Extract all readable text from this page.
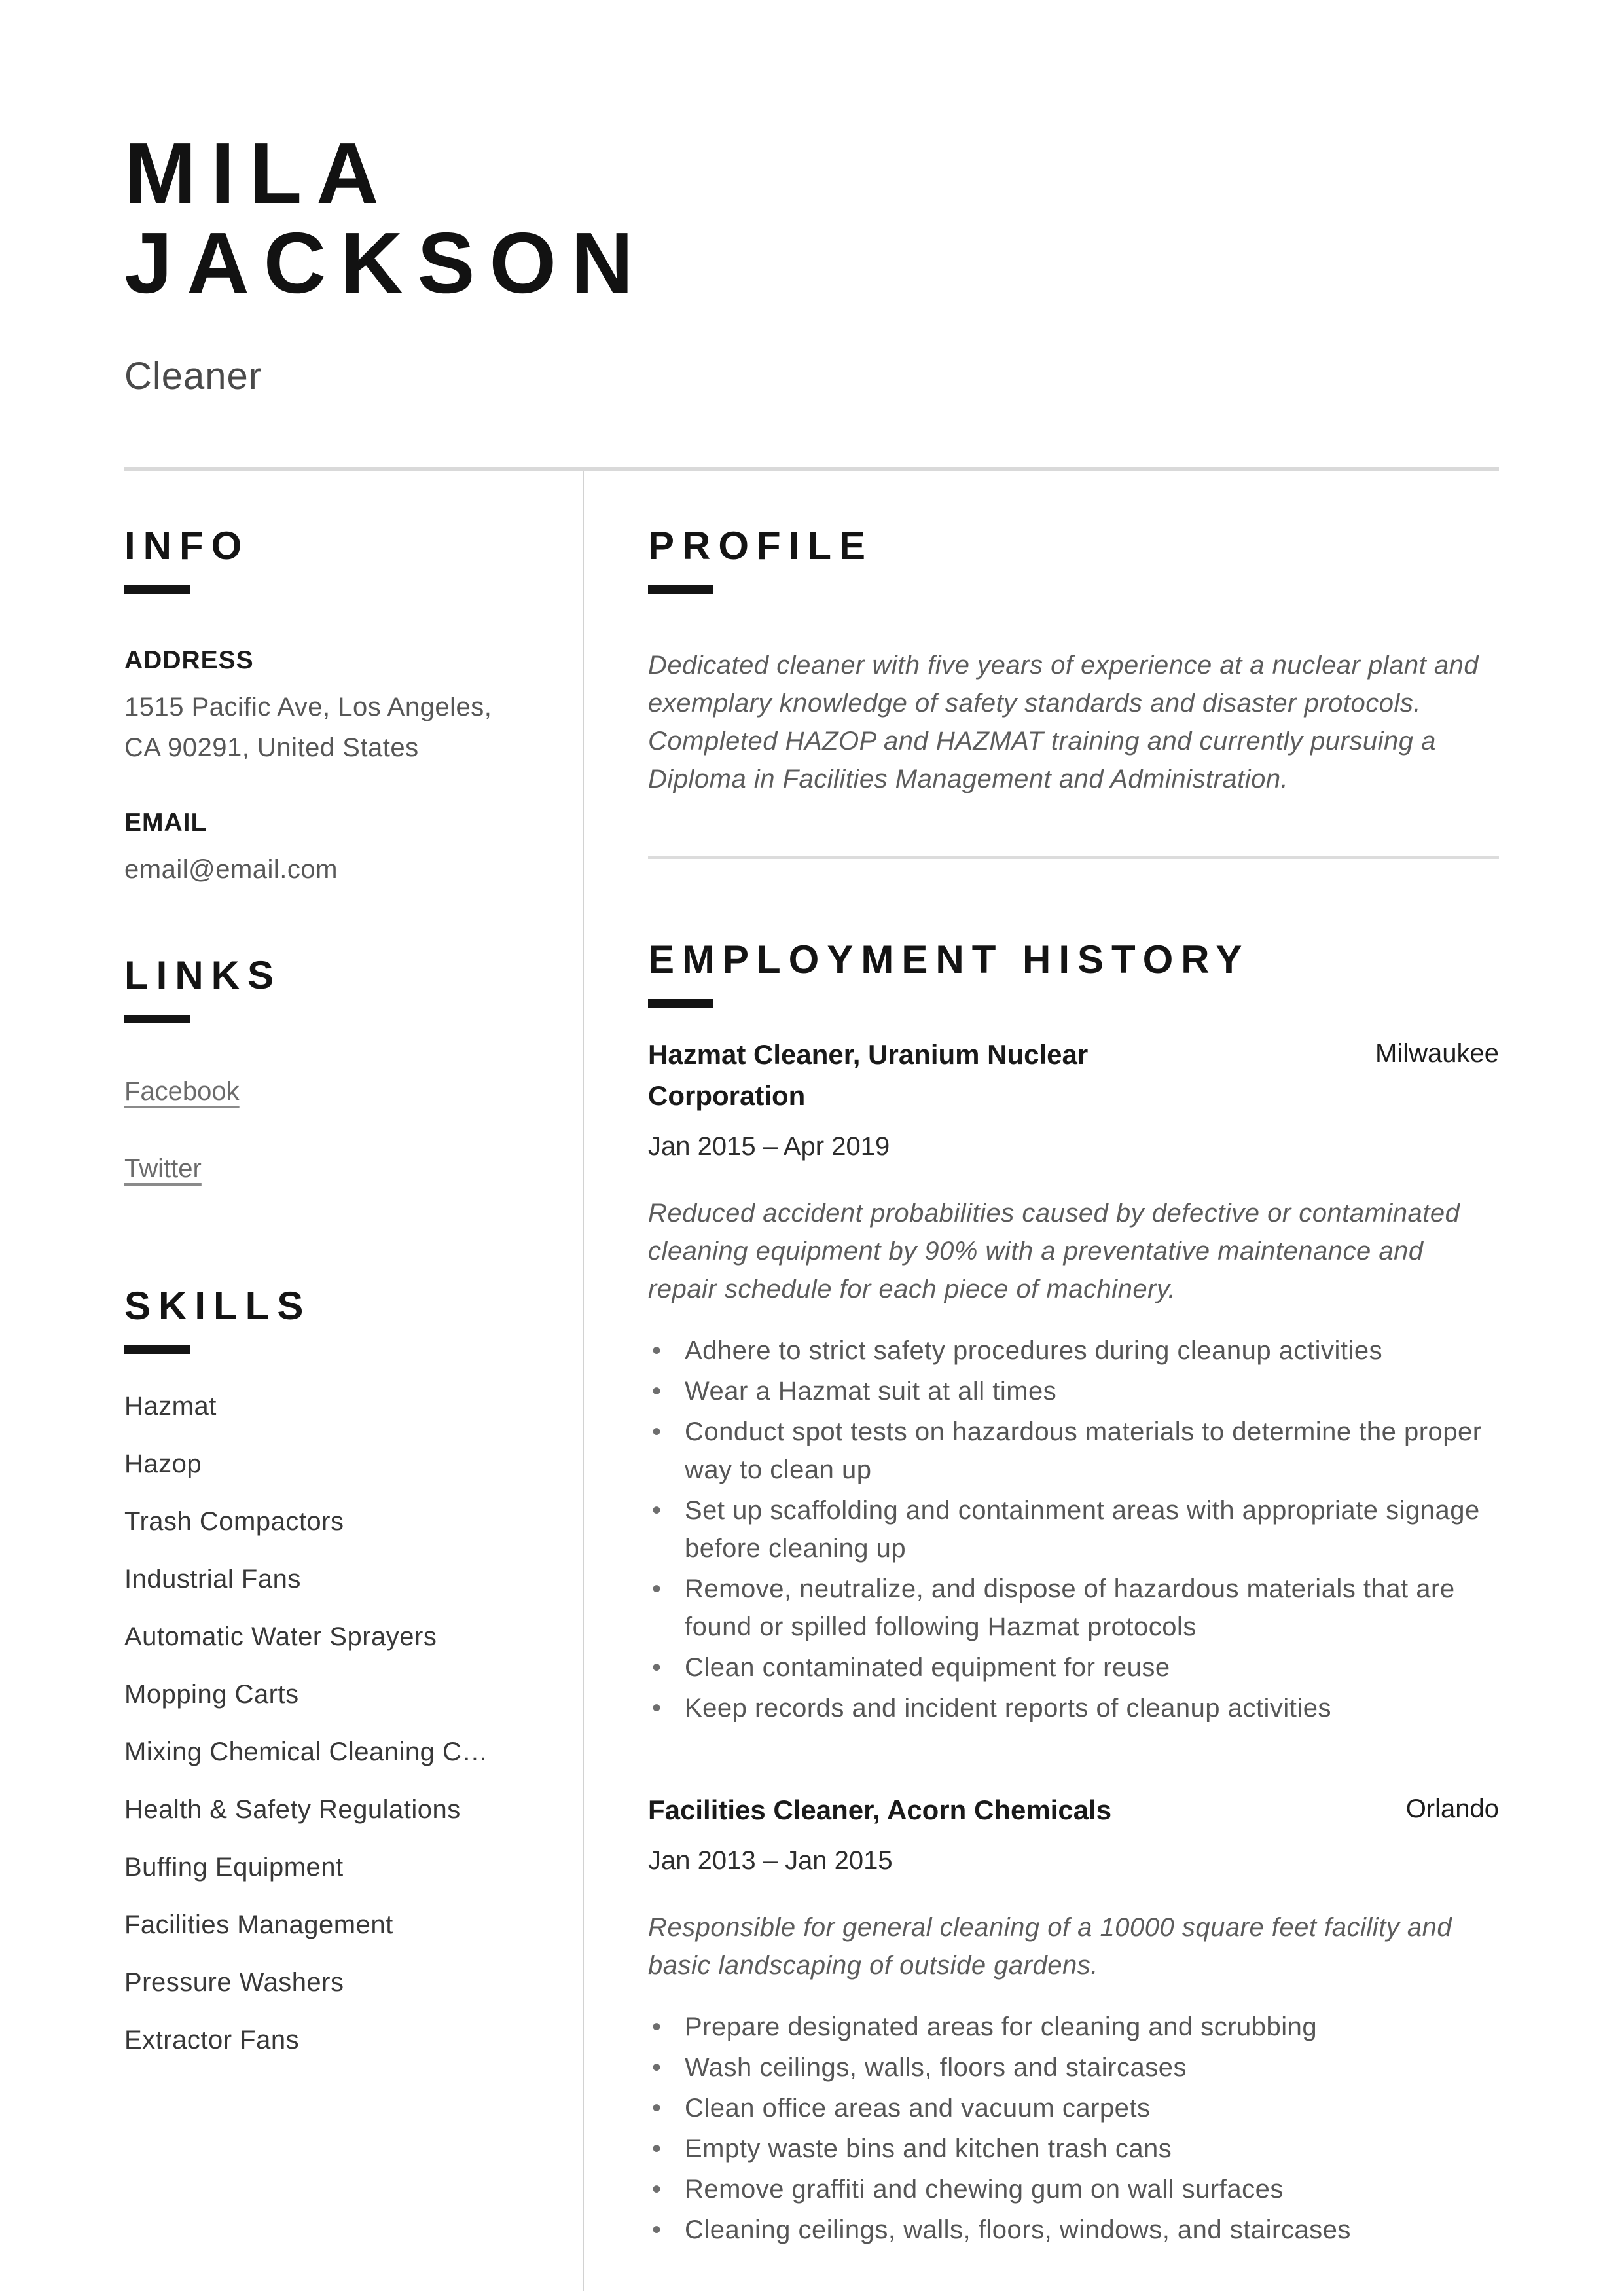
MILA JACKSON
Cleaner
INFO
ADDRESS
1515 Pacific Ave, Los Angeles,
CA 90291, United States
EMAIL
email@email.com
LINKS
Facebook
Twitter
SKILLS
Hazmat
Hazop
Trash Compactors
Industrial Fans
Automatic Water Sprayers
Mopping Carts
Mixing Chemical Cleaning C…
Health & Safety Regulations
Buffing Equipment
Facilities Management
Pressure Washers
Extractor Fans
PROFILE

Dedicated cleaner with five years of experience at a nuclear plant and exemplary knowledge of safety standards and disaster protocols. Completed HAZOP and HAZMAT training and currently pursuing a Diploma in Facilities Management and Administration.

EMPLOYMENT HISTORY
Hazmat Cleaner, Uranium Nuclear Corporation
Milwaukee
Jan 2015 – Apr 2019

Reduced accident probabilities caused by defective or contaminated cleaning equipment by 90% with a preventative maintenance and repair schedule for each piece of machinery.

• Adhere to strict safety procedures during cleanup activities
• Wear a Hazmat suit at all times
• Conduct spot tests on hazardous materials to determine the proper way to clean up
• Set up scaffolding and containment areas with appropriate signage before cleaning up
• Remove, neutralize, and dispose of hazardous materials that are found or spilled following Hazmat protocols
• Clean contaminated equipment for reuse
• Keep records and incident reports of cleanup activities
Facilities Cleaner, Acorn Chemicals	Orlando
Jan 2013 – Jan 2015

Responsible for general cleaning of a 10000 square feet facility and basic landscaping of outside gardens.

• Prepare designated areas for cleaning and scrubbing
• Wash ceilings, walls, floors and staircases
• Clean office areas and vacuum carpets
• Empty waste bins and kitchen trash cans
• Remove graffiti and chewing gum on wall surfaces
• Cleaning ceilings, walls, floors, windows, and staircases
